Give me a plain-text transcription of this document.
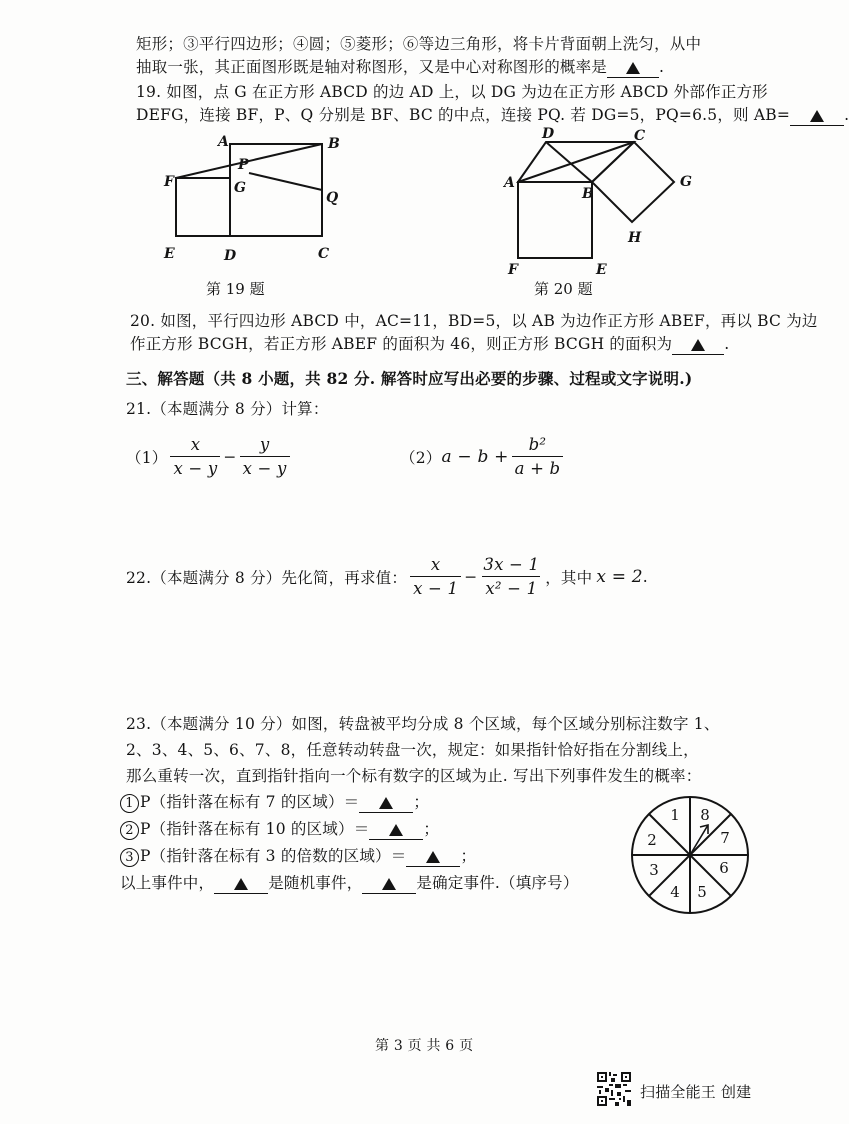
矩形；③平行四边形；④圆；⑤菱形；⑥等边三角形，将卡片背面朝上洗匀，从中
抽取一张，其正面图形既是轴对称图形，又是中心对称图形的概率是	.
19. 如图，点 G 在正方形 ABCD 的边 AD 上，以 DG 为边在正方形 ABCD 外部作正方形
DEFG，连接 BF，P、Q 分别是 BF、BC 的中点，连接 PQ. 若 DG=5，PQ=6.5，则 AB=	.
A	B
P
F	G
Q
E	D	C
第 19 题
D	C
A
B
G
H
F	E
第 20 题
20. 如图，平行四边形 ABCD 中，AC=11，BD=5，以 AB 为边作正方形 ABEF，再以 BC 为边
作正方形 BCGH，若正方形 ABEF 的面积为 46，则正方形 BCGH 的面积为	.
三、解答题（共 8 小题，共 82 分. 解答时应写出必要的步骤、过程或文字说明.)
21.（本题满分 8 分）计算：
$(1) \frac{x}{x - y} - \frac{y}{x - y}$	（2） $a - b + \frac{\text{b²}}{a + b}$
22.（本题满分 8 分）先化简，再求值： $\frac{x}{x - 1} - \frac{3x - 1}{\text{x² − 1}}$ ，其中 x = 2 .
23.（本题满分 10 分）如图，转盘被平均分成 8 个区域，每个区域分别标注数字 1、
2、3、4、5、6、7、8，任意转动转盘一次，规定：如果指针恰好指在分割线上，
那么重转一次，直到指针指向一个标有数字的区域为止. 写出下列事件发生的概率：
1 P（指针落在标有 7 的区域）＝	；
2 P（指针落在标有 10 的区域）＝	；
3 P（指针落在标有 3 的倍数的区域）＝	；
以上事件中，	是随机事件，	是确定事件.（填序号）
1 8
7
6
5
4
3
2
第 3 页 共 6 页
扫描全能王 创建
